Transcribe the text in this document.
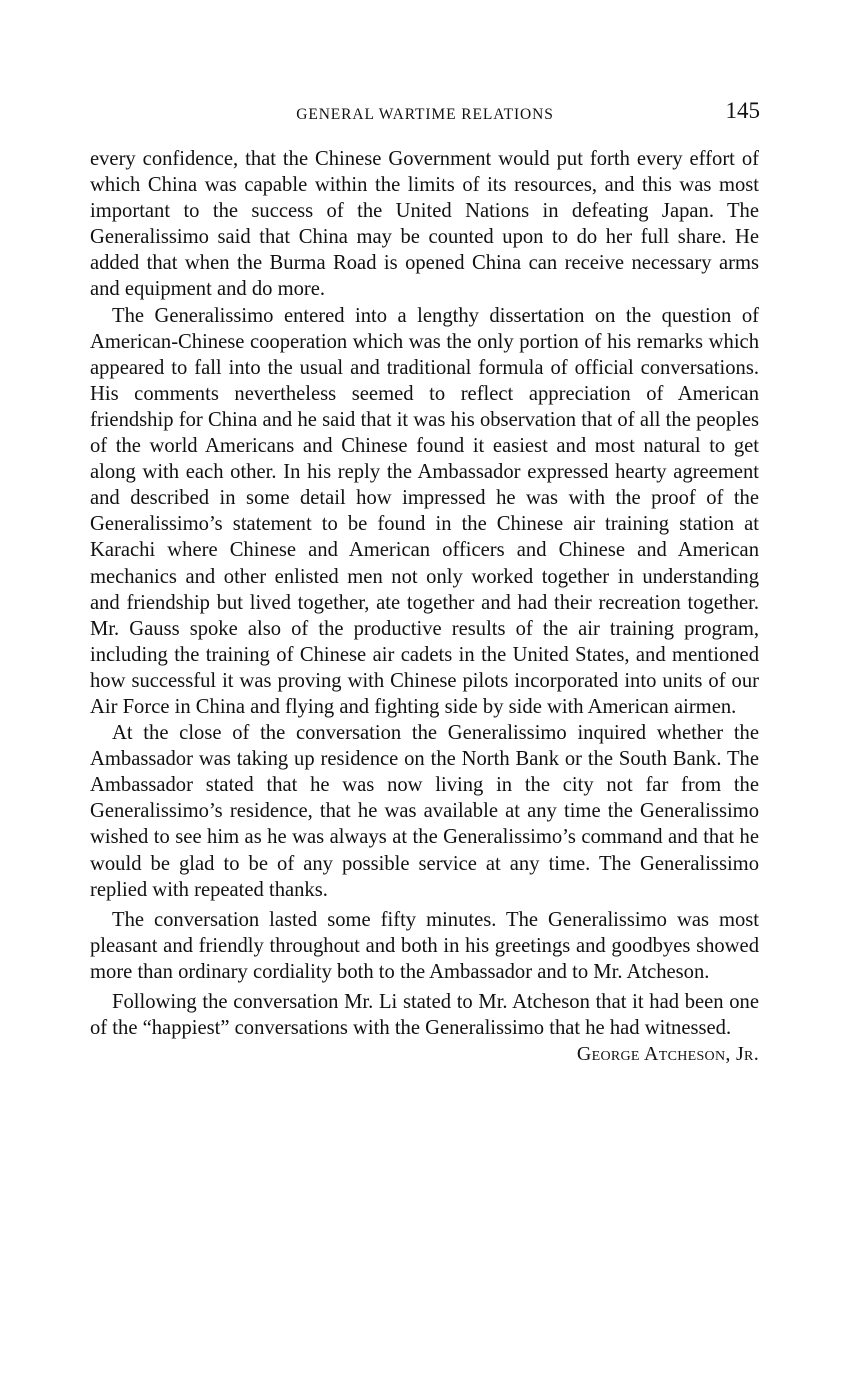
GENERAL WARTIME RELATIONS	145

every confidence, that the Chinese Government would put forth every effort of which China was capable within the limits of its resources, and this was most important to the success of the United Nations in defeating Japan. The Generalissimo said that China may be counted upon to do her full share. He added that when the Burma Road is opened China can receive necessary arms and equipment and do more.

The Generalissimo entered into a lengthy dissertation on the question of American-Chinese cooperation which was the only portion of his remarks which appeared to fall into the usual and traditional formula of official conversations. His comments nevertheless seemed to reflect appreciation of American friendship for China and he said that it was his observation that of all the peoples of the world Americans and Chinese found it easiest and most natural to get along with each other. In his reply the Ambassador expressed hearty agreement and described in some detail how impressed he was with the proof of the Generalissimo’s statement to be found in the Chinese air training station at Karachi where Chinese and American officers and Chinese and American mechanics and other enlisted men not only worked together in understanding and friendship but lived together, ate together and had their recreation together. Mr. Gauss spoke also of the productive results of the air training program, including the training of Chinese air cadets in the United States, and mentioned how successful it was proving with Chinese pilots incorporated into units of our Air Force in China and flying and fighting side by side with American airmen.

At the close of the conversation the Generalissimo inquired whether the Ambassador was taking up residence on the North Bank or the South Bank. The Ambassador stated that he was now living in the city not far from the Generalissimo’s residence, that he was available at any time the Generalissimo wished to see him as he was always at the Generalissimo’s command and that he would be glad to be of any possible service at any time. The Generalissimo replied with repeated thanks.

The conversation lasted some fifty minutes. The Generalissimo was most pleasant and friendly throughout and both in his greetings and goodbyes showed more than ordinary cordiality both to the Ambassador and to Mr. Atcheson.

Following the conversation Mr. Li stated to Mr. Atcheson that it had been one of the “happiest” conversations with the Generalissimo that he had witnessed.

George Atcheson, Jr.
